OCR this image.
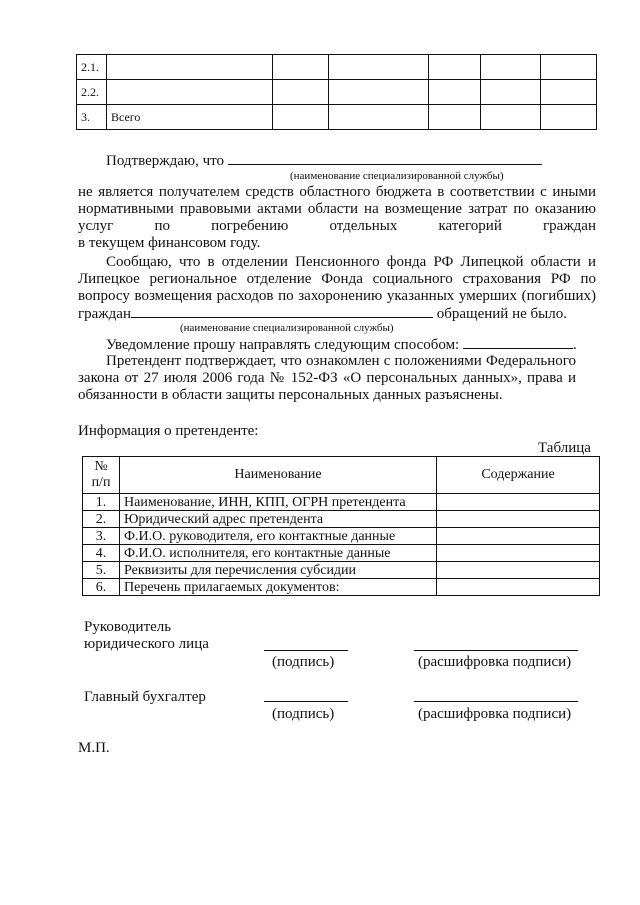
2.1.						
2.2.						
3.	Всего					

Подтверждаю, что

(наименование специализированной службы)

не является получателем средств областного бюджета в соответствии с иными

нормативными правовыми актами области на возмещение затрат по оказанию

услуг по погребению отдельных категорий граждан

в текущем финансовом году.

Сообщаю, что в отделении Пенсионного фонда РФ Липецкой области и

Липецкое региональное отделение Фонда социального страхования РФ по

вопросу возмещения расходов по захоронению указанных умерших (погибших)

граждан	обращений не было.

(наименование специализированной службы)

Уведомление прошу направлять следующим способом:	.

Претендент подтверждает, что ознакомлен с положениями Федерального

закона от 27 июля 2006 года № 152-ФЗ «О персональных данных», права и

обязанности в области защиты персональных данных разъяснены.

Информация о претенденте:

Таблица

№ п/п	Наименование	Содержание
1.	Наименование, ИНН, КПП, ОГРН претендента	
2.	Юридический адрес претендента	
3.	Ф.И.О. руководителя, его контактные данные	
4.	Ф.И.О. исполнителя, его контактные данные	
5.	Реквизиты для перечисления субсидии	
6.	Перечень прилагаемых документов:	

Руководитель

юридического лица

(подпись)	(расшифровка подписи)

Главный бухгалтер

(подпись)	(расшифровка подписи)

М.П.
